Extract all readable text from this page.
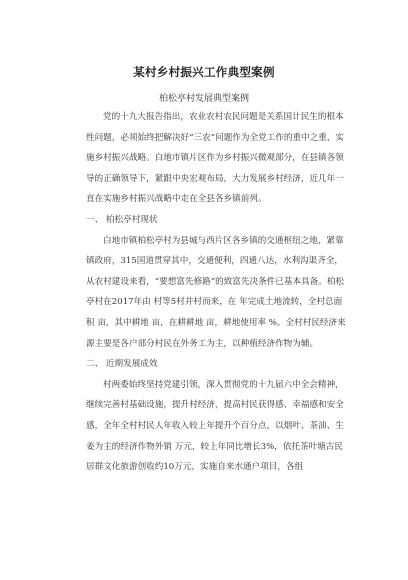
某村乡村振兴工作典型案例
柏松亭村发展典型案例

党的十九大报告指出，农业农村农民问题是关系国计民生的根本性问题，必须始终把解决好“三农”问题作为全党工作的重中之重，实施乡村振兴战略。白地市镇片区作为乡村振兴微观部分，在县镇各领导的正确领导下，紧跟中央宏观布局，大力发展乡村经济，近几年一直在实施乡村振兴战略中走在全县各乡镇前列。

一、 柏松亭村现状

白地市镇柏松亭村为县城与西片区各乡镇的交通枢纽之地，紧靠镇政府，315国道贯穿其中，交通便利，四通八达，水利沟渠齐全，从农村建设来看，“要想富先修路”的致富先决条件已基本具备。柏松亭村在2017年由 村等5村并村而来，在 年完成土地流转，全村总面积 亩，其中耕地 亩，在耕耕地 亩，耕地使用率 %。全村村民经济来源主要是各户部分村民在外务工为主，以种植经济作物为辅。

二、 近期发展成效

村两委始终坚持党建引领，深入贯彻党的十九届六中全会精神，继续完善村基础设施，提升村经济，提高村民获得感、幸福感和安全感，全年全村村民人年收入较上年提升个百分点，以烟叶、茶油、生姜为主的经济作物外销 万元，较上年同比增长3%，依托茶叶塘古民居群文化旅游创收约10万元，实施自来水通户项目，各组
